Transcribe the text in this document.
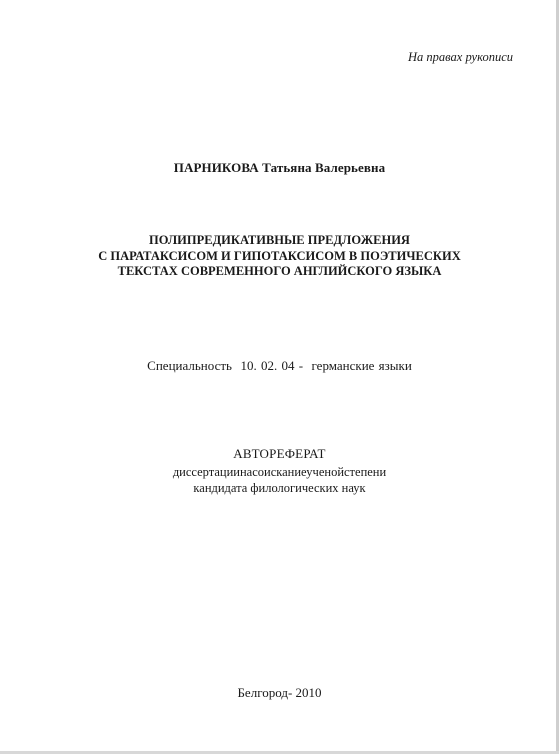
На правах рукописи
ПАРНИКОВА Татьяна Валерьевна
ПОЛИПРЕДИКАТИВНЫЕ ПРЕДЛОЖЕНИЯ
С ПАРАТАКСИСОМ И ГИПОТАКСИСОМ В ПОЭТИЧЕСКИХ
ТЕКСТАХ СОВРЕМЕННОГО АНГЛИЙСКОГО ЯЗЫКА
Специальность  10. 02. 04 -  германские языки
АВТОРЕФЕРАТ
диссертациинасоисканиеученойстепени
кандидата филологических наук
Белгород- 2010
